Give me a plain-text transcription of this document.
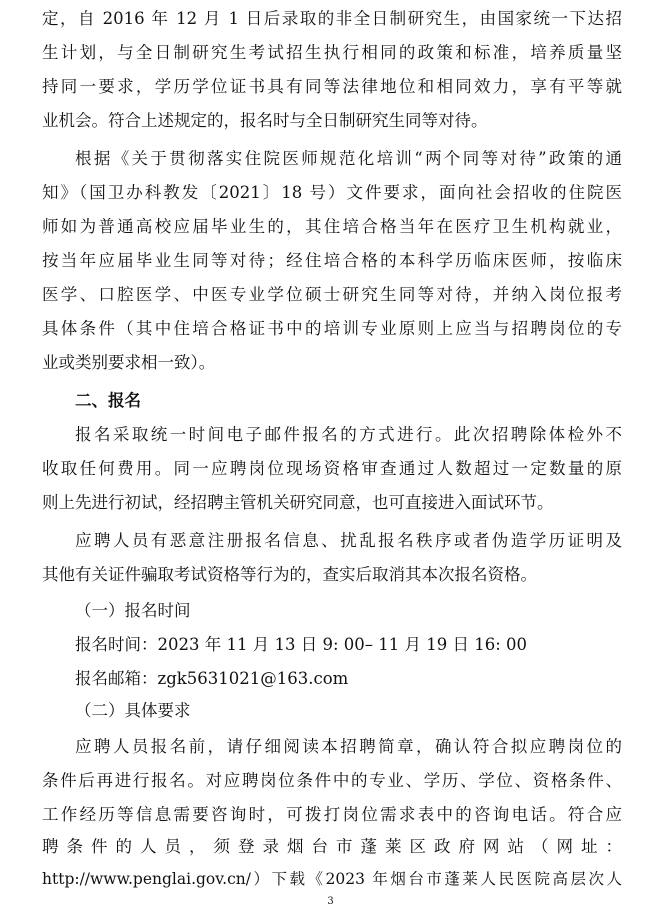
定，自 2016 年 12 月 1 日后录取的非全日制研究生，由国家统一下达招
生计划，与全日制研究生考试招生执行相同的政策和标准，培养质量坚
持同一要求，学历学位证书具有同等法律地位和相同效力，享有平等就
业机会。符合上述规定的，报名时与全日制研究生同等对待。
根据《关于贯彻落实住院医师规范化培训“两个同等对待”政策的通
知》（国卫办科教发〔2021〕18 号）文件要求，面向社会招收的住院医
师如为普通高校应届毕业生的，其住培合格当年在医疗卫生机构就业，
按当年应届毕业生同等对待；经住培合格的本科学历临床医师，按临床
医学、口腔医学、中医专业学位硕士研究生同等对待，并纳入岗位报考
具体条件（其中住培合格证书中的培训专业原则上应当与招聘岗位的专
业或类别要求相一致）。
二、报名
报名采取统一时间电子邮件报名的方式进行。此次招聘除体检外不
收取任何费用。同一应聘岗位现场资格审查通过人数超过一定数量的原
则上先进行初试，经招聘主管机关研究同意，也可直接进入面试环节。
应聘人员有恶意注册报名信息、扰乱报名秩序或者伪造学历证明及
其他有关证件骗取考试资格等行为的，查实后取消其本次报名资格。
（一）报名时间
报名时间：2023 年 11 月 13 日 9: 00– 11 月 19 日 16: 00
报名邮箱：zgk5631021@163.com
（二）具体要求
应聘人员报名前，请仔细阅读本招聘简章，确认符合拟应聘岗位的
条件后再进行报名。对应聘岗位条件中的专业、学历、学位、资格条件、
工作经历等信息需要咨询时，可拨打岗位需求表中的咨询电话。符合应
聘 条 件 的 人 员 ， 须 登 录 烟 台 市 蓬 莱 区 政 府 网 站 （ 网 址 ：
http://www.penglai.gov.cn/）下载《2023 年烟台市蓬莱人民医院高层次人
3
